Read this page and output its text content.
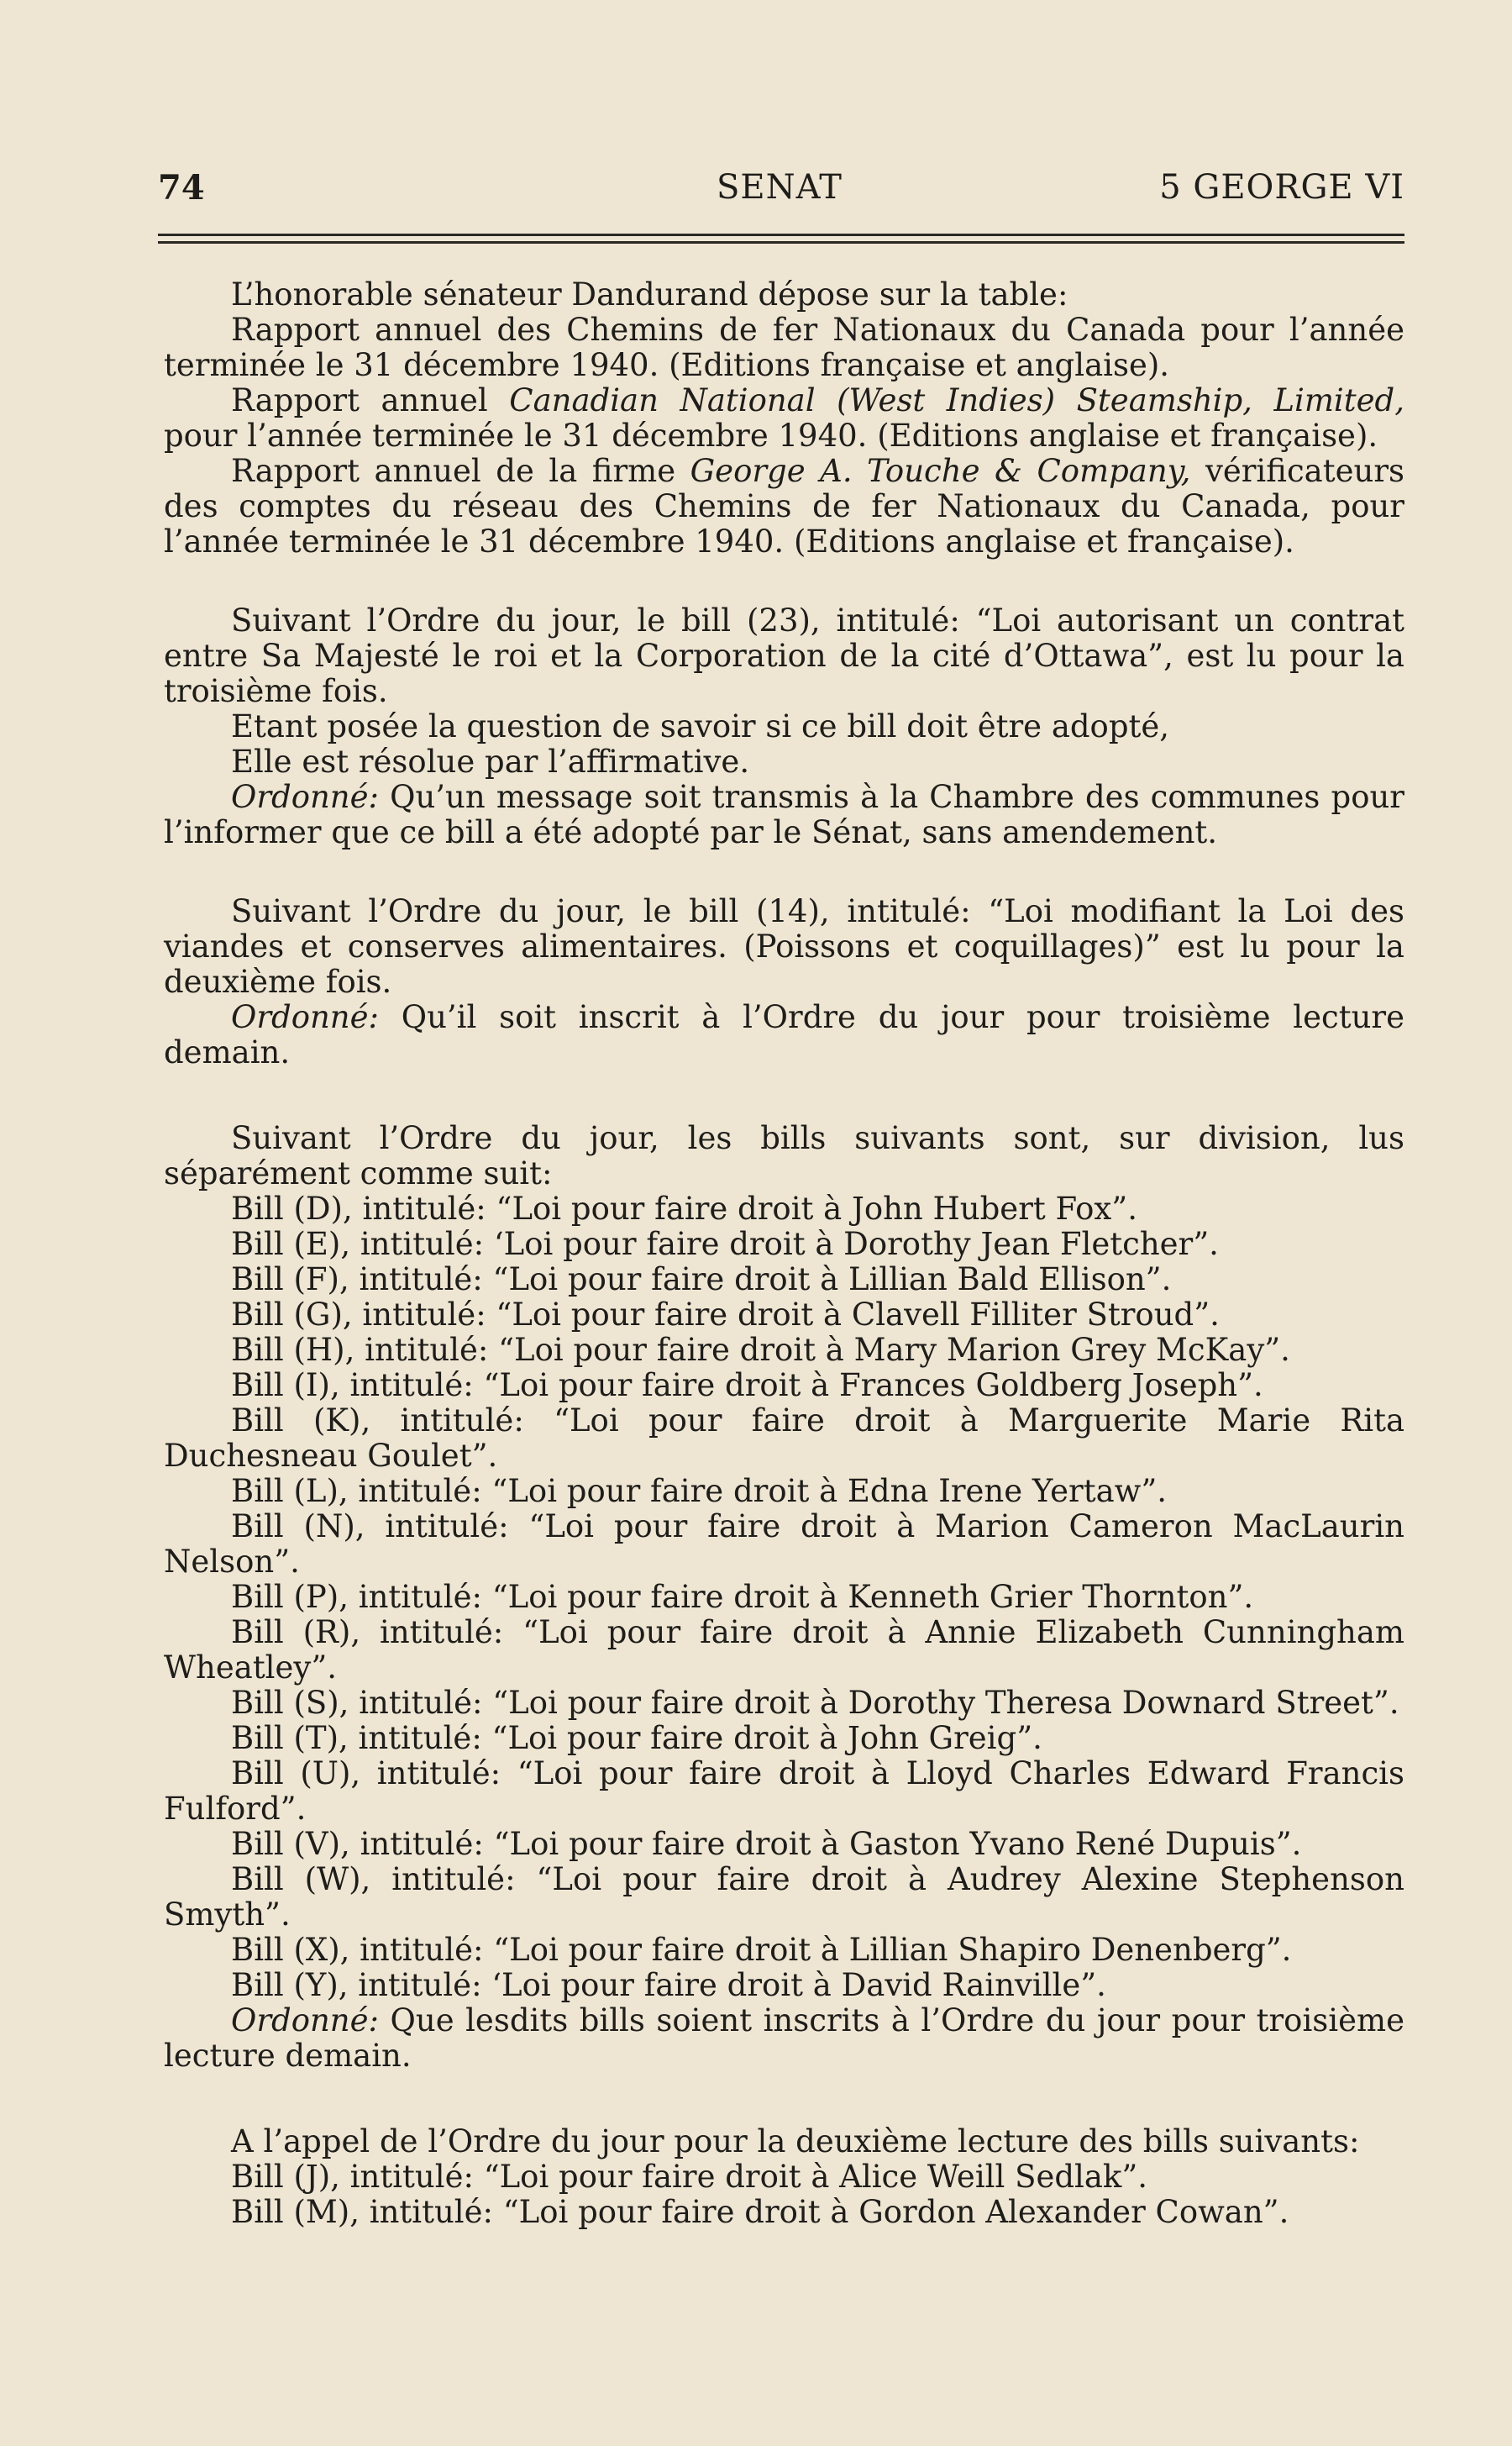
74	SENAT	5 GEORGE VI

L’honorable sénateur Dandurand dépose sur la table:

Rapport annuel des Chemins de fer Nationaux du Canada pour l’année terminée le 31 décembre 1940. (Editions française et anglaise).

Rapport annuel Canadian National (West Indies) Steamship, Limited, pour l’année terminée le 31 décembre 1940. (Editions anglaise et française).

Rapport annuel de la firme George A. Touche & Company, vérificateurs des comptes du réseau des Chemins de fer Nationaux du Canada, pour l’année terminée le 31 décembre 1940. (Editions anglaise et française).

Suivant l’Ordre du jour, le bill (23), intitulé: “Loi autorisant un contrat entre Sa Majesté le roi et la Corporation de la cité d’Ottawa”, est lu pour la troisième fois.

Etant posée la question de savoir si ce bill doit être adopté,

Elle est résolue par l’affirmative.

Ordonné: Qu’un message soit transmis à la Chambre des communes pour l’informer que ce bill a été adopté par le Sénat, sans amendement.

Suivant l’Ordre du jour, le bill (14), intitulé: “Loi modifiant la Loi des viandes et conserves alimentaires. (Poissons et coquillages)” est lu pour la deuxième fois.

Ordonné: Qu’il soit inscrit à l’Ordre du jour pour troisième lecture demain.

Suivant l’Ordre du jour, les bills suivants sont, sur division, lus séparément comme suit:

Bill (D), intitulé: “Loi pour faire droit à John Hubert Fox”.

Bill (E), intitulé: ‘Loi pour faire droit à Dorothy Jean Fletcher”.

Bill (F), intitulé: “Loi pour faire droit à Lillian Bald Ellison”.

Bill (G), intitulé: “Loi pour faire droit à Clavell Filliter Stroud”.

Bill (H), intitulé: “Loi pour faire droit à Mary Marion Grey McKay”.

Bill (I), intitulé: “Loi pour faire droit à Frances Goldberg Joseph”.

Bill (K), intitulé: “Loi pour faire droit à Marguerite Marie Rita Duchesneau Goulet”.

Bill (L), intitulé: “Loi pour faire droit à Edna Irene Yertaw”.

Bill (N), intitulé: “Loi pour faire droit à Marion Cameron MacLaurin Nelson”.

Bill (P), intitulé: “Loi pour faire droit à Kenneth Grier Thornton”.

Bill (R), intitulé: “Loi pour faire droit à Annie Elizabeth Cunningham Wheatley”.

Bill (S), intitulé: “Loi pour faire droit à Dorothy Theresa Downard Street”.

Bill (T), intitulé: “Loi pour faire droit à John Greig”.

Bill (U), intitulé: “Loi pour faire droit à Lloyd Charles Edward Francis Fulford”.

Bill (V), intitulé: “Loi pour faire droit à Gaston Yvano René Dupuis”.

Bill (W), intitulé: “Loi pour faire droit à Audrey Alexine Stephenson Smyth”.

Bill (X), intitulé: “Loi pour faire droit à Lillian Shapiro Denenberg”.

Bill (Y), intitulé: ‘Loi pour faire droit à David Rainville”.

Ordonné: Que lesdits bills soient inscrits à l’Ordre du jour pour troisième lecture demain.

A l’appel de l’Ordre du jour pour la deuxième lecture des bills suivants:

Bill (J), intitulé: “Loi pour faire droit à Alice Weill Sedlak”.

Bill (M), intitulé: “Loi pour faire droit à Gordon Alexander Cowan”.
